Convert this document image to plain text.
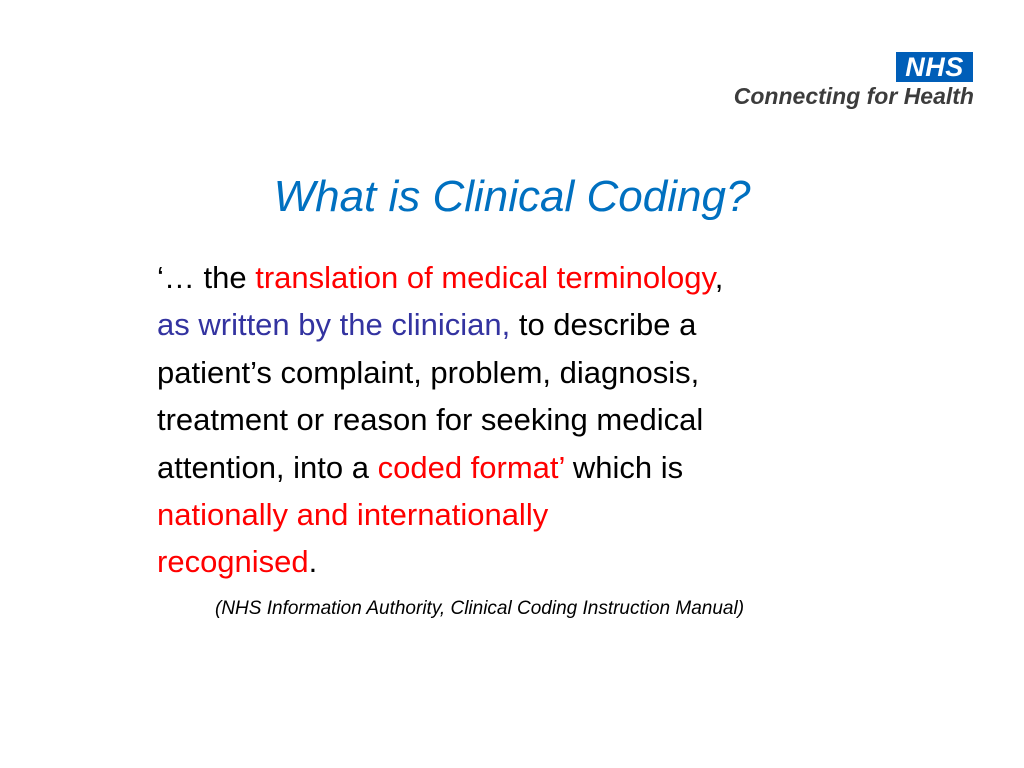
NHS
Connecting for Health
What is Clinical Coding?

‘… the translation of medical terminology,
as written by the clinician, to describe a
patient’s complaint, problem, diagnosis,
treatment or reason for seeking medical
attention, into a coded format’ which is
nationally and internationally
recognised.

(NHS Information Authority, Clinical Coding Instruction Manual)
